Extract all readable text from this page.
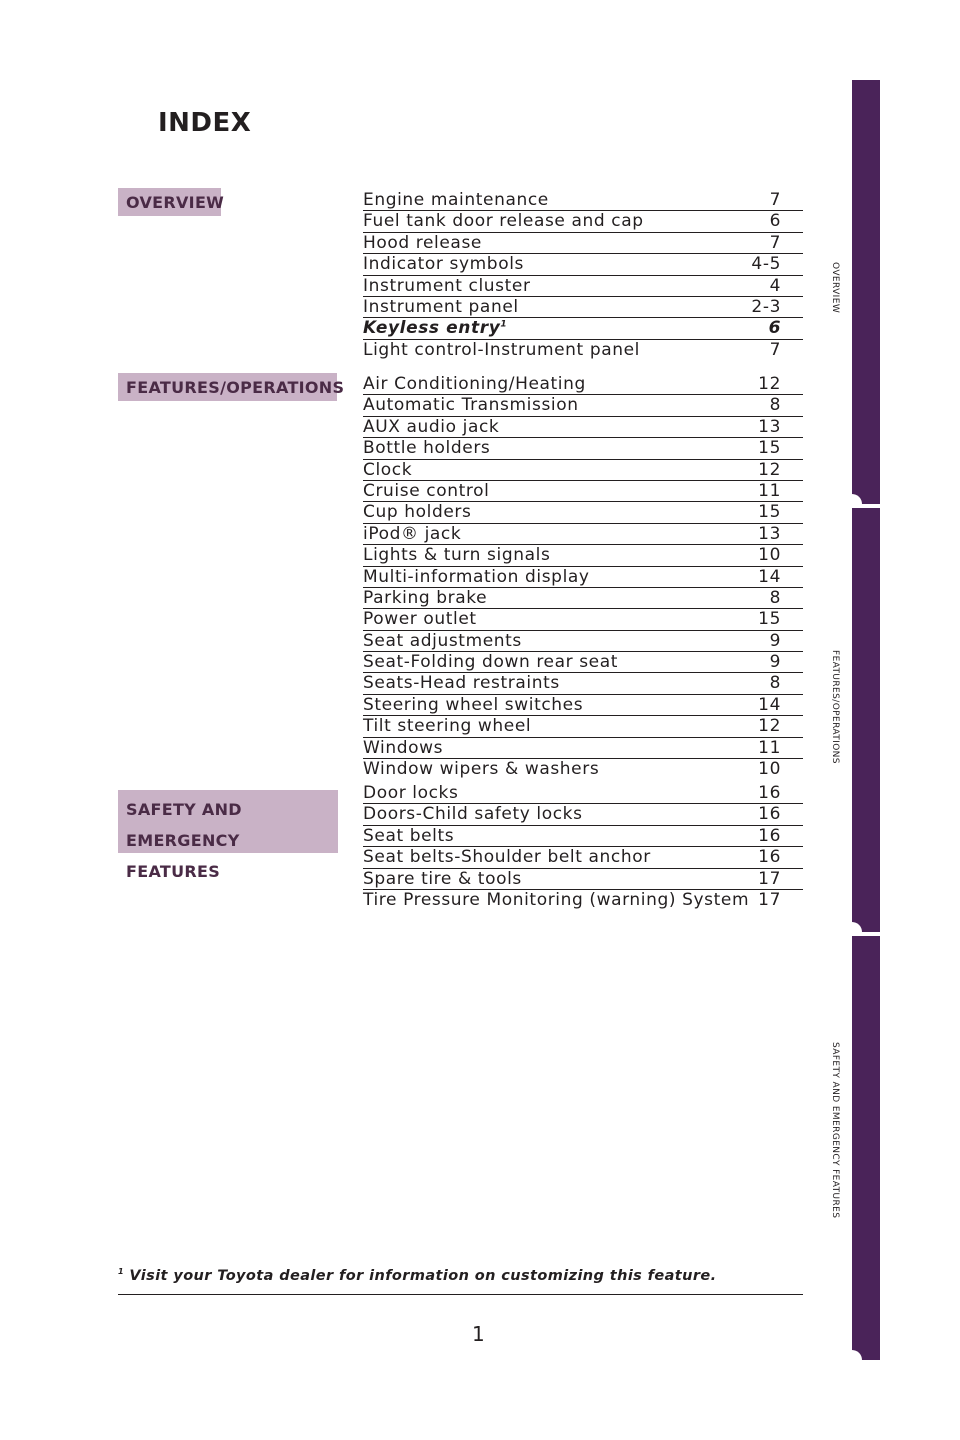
INDEX
OVERVIEW
FEATURES/OPERATIONS
SAFETY AND
EMERGENCY FEATURES
Engine maintenance	7
Fuel tank door release and cap	6
Hood release	7
Indicator symbols	4-5
Instrument cluster	4
Instrument panel	2-3
Keyless entry$^1$	6
Light control-Instrument panel	7
Air Conditioning/Heating	12
Automatic Transmission	8
AUX audio jack	13
Bottle holders	15
Clock	12
Cruise control	11
Cup holders	15
iPod® jack	13
Lights & turn signals	10
Multi-information display	14
Parking brake	8
Power outlet	15
Seat adjustments	9
Seat-Folding down rear seat	9
Seats-Head restraints	8
Steering wheel switches	14
Tilt steering wheel	12
Windows	11
Window wipers & washers	10
Door locks	16
Doors-Child safety locks	16
Seat belts	16
Seat belts-Shoulder belt anchor	16
Spare tire & tools	17
Tire Pressure Monitoring (warning) System 17
$^1$ Visit your Toyota dealer for information on customizing this feature.
1
OVERVIEW
FEATURES/OPERATIONS
SAFETY AND EMERGENCY FEATURES
